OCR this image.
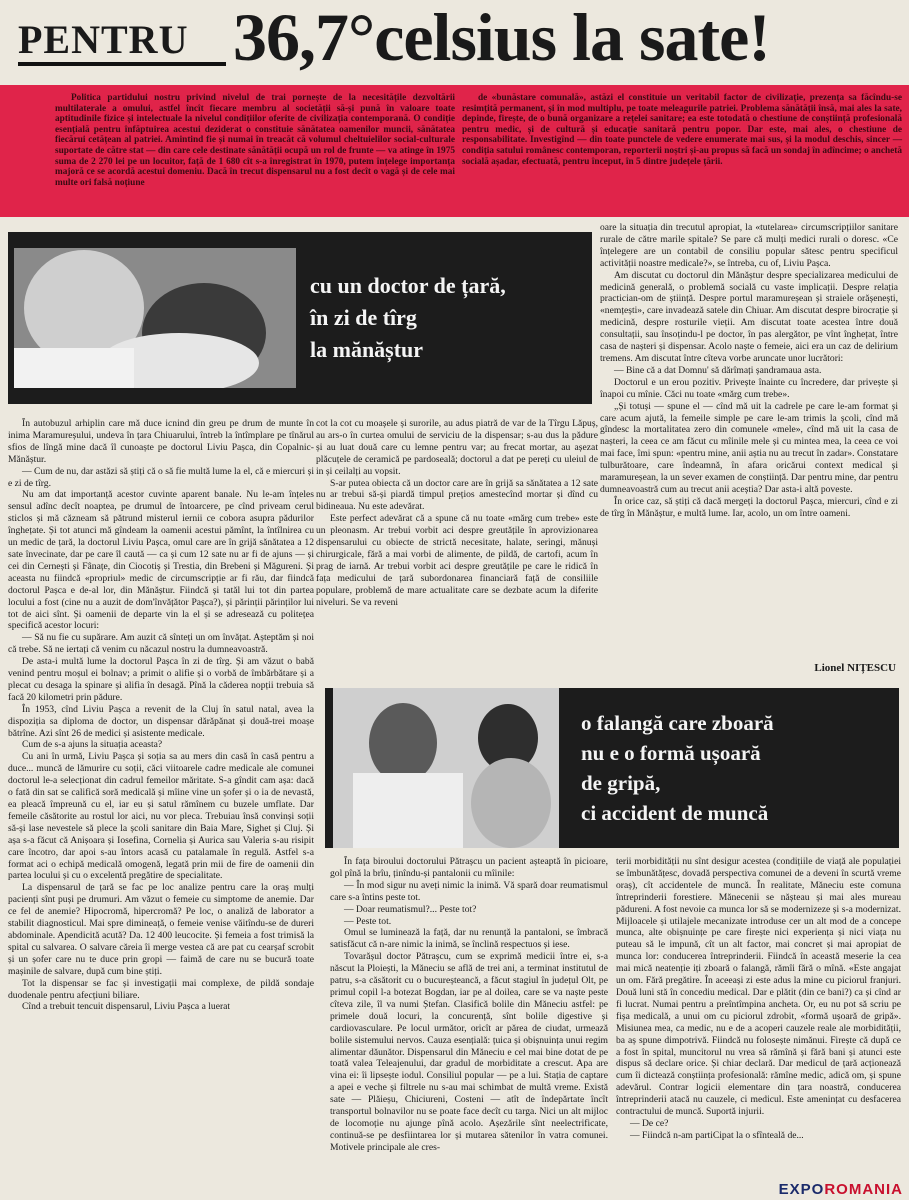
PENTRU 36,7°celsius la sate!

Politica partidului nostru privind nivelul de trai pornește de la necesitățile dezvoltării multilaterale a omului, astfel încît fiecare membru al societății să-și pună în valoare toate aptitudinile fizice și intelectuale la nivelul condițiilor oferite de civilizația contemporană. O condiție esențială pentru înfăptuirea acestui deziderat o constituie sănătatea oamenilor muncii, sănătatea fiecărui cetățean al patriei. Amintind fie și numai în treacăt că volumul cheltuielilor social-culturale suportate de către stat — din care cele destinate sănătății ocupă un rol de frunte — va atinge în 1975 suma de 2 270 lei pe un locuitor, față de 1 680 cît s-a înregistrat în 1970, putem înțelege importanța majoră ce se acordă acestui domeniu. Dacă în trecut dispensarul nu a fost decît o vagă și de cele mai multe ori falsă noțiune

de «bunăstare comunală», astăzi el constituie un veritabil factor de civilizație, prezența sa făcîndu-se resimțită permanent, și în mod multiplu, pe toate meleagurile patriei. Problema sănătății însă, mai ales la sate, depinde, firește, de o bună organizare a rețelei sanitare; ea este totodată o chestiune de conștiință profesională pentru medic, și de cultură și educație sanitară pentru popor. Dar este, mai ales, o chestiune de responsabilitate. Investigînd — din toate punctele de vedere enumerate mai sus, și la modul deschis, sincer — condiția satului românesc contemporan, reporterii noștri și-au propus să facă un sondaj în adîncime; o anchetă socială așadar, efectuată, pentru început, în 5 dintre județele țării.

cu un doctor de țară,
în zi de tîrg
la mănăștur

oare la situația din trecutul apropiat, la «tutelarea» circumscripțiilor sanitare rurale de către marile spitale? Se pare că mulți medici rurali o doresc. «Ce înțelegere are un contabil de consiliu popular sătesc pentru specificul activității noastre medicale?», se întreba, cu of, Liviu Pașca.

Am discutat cu doctorul din Mănăștur despre specializarea medicului de medicină generală, o problemă socială cu vaste implicații. Despre relația practician-om de știință. Despre portul maramureșean și straiele orășenești, «nemțești», care invadează satele din Chiuar. Am discutat despre birocrație și medicină, despre rosturile vieții. Am discutat toate acestea între două consultații, sau însoțindu-l pe doctor, în pas alergător, pe vînt înghețat, între casa de nașteri și dispensar. Acolo naște o femeie, aici era un caz de delirium tremens. Am discutat între cîteva vorbe aruncate unor lucrători:

— Bine că a dat Domnu' să dărîmați șandramaua asta.

Doctorul e un erou pozitiv. Privește înainte cu încredere, dar privește și înapoi cu mînie. Căci nu toate «mărg cum trebe».

„Și totuși — spune el — cînd mă uit la cadrele pe care le-am format și care acum ajută, la femeile simple pe care le-am trimis la școli, cînd mă gîndesc la mortalitatea zero din comunele «mele», cînd mă uit la casa de nașteri, la ceea ce am făcut cu mîinile mele și cu mintea mea, la ceea ce voi mai face, îmi spun: «pentru mine, anii aștia nu au trecut în zadar». Constatare tulburătoare, care îndeamnă, în afara oricărui context medical și maramureșean, la un sever examen de conștiință. Dar pentru mine, dar pentru dumneavoastră cum au trecut anii aceștia? Dar asta-i altă poveste.

În orice caz, să știți că dacă mergeți la doctorul Pașca, miercuri, cînd e zi de tîrg în Mănăștur, e multă lume. Iar, acolo, un om între oameni.

Lionel NIȚESCU

În autobuzul arhiplin care mă duce icnind din greu pe drum de munte în inima Maramureșului, undeva în țara Chiuarului, întreb la întîmplare pe tînărul sfios de lîngă mine dacă îl cunoaște pe doctorul Liviu Pașca, din Copalnic-Mănăștur.

— Cum de nu, dar astăzi să știți că o să fie multă lume la el, că e miercuri și e zi de tîrg.

Nu am dat importanță acestor cuvinte aparent banale. Nu le-am înțeles sensul adînc decît noaptea, pe drumul de întoarcere, pe cînd priveam cerul sticlos și mă căzneam să pătrund misterul iernii ce cobora asupra pădurilor înghețate. Și tot atunci mă gîndeam la oamenii acestui pămînt, la întîlnirea cu un medic de țară, la doctorul Liviu Pașca, omul care are în grijă sănătatea a 12 sate învecinate, dar pe care îl caută — ca și cum 12 sate nu ar fi de ajuns — și cei din Cernești și Fânațe, din Ciocotiș și Trestia, din Brebeni și Măgureni. Și aceasta nu fiindcă «propriul» medic de circumscripție ar fi rău, dar fiindcă doctorul Pașca e de-al lor, din Mănăștur. Fiindcă și tatăl lui tot din partea locului a fost (cine nu a auzit de dom'învățător Pașca?), și părinții părinților lui tot de aici sînt. Și oamenii de departe vin la el și se adresează cu politețea specifică acestor locuri:

— Să nu fie cu supărare. Am auzit că sînteți un om învățat. Așteptăm și noi că trebe. Să ne iertați că venim cu năcazul nostru la dumneavoastră.

De asta-i multă lume la doctorul Pașca în zi de tîrg. Și am văzut o babă venind pentru moșul ei bolnav; a primit o alifie și o vorbă de îmbărbătare și a plecat cu desaga la spinare și alifia în desagă. Pînă la căderea nopții trebuia să facă 20 kilometri prin pădure.

În 1953, cînd Liviu Pașca a revenit de la Cluj în satul natal, avea la dispoziția sa diploma de doctor, un dispensar dărăpănat și două-trei moașe bătrîne. Azi sînt 26 de medici și asistente medicale.

Cum de s-a ajuns la situația aceasta?

Cu ani în urmă, Liviu Pașca și soția sa au mers din casă în casă pentru a duce... muncă de lămurire cu soții, căci viitoarele cadre medicale ale comunei doctorul le-a selecționat din cadrul femeilor măritate. S-a gîndit cam așa: dacă o fată din sat se califică soră medicală și mîine vine un șofer și o ia de nevastă, ea pleacă împreună cu el, iar eu și satul rămînem cu buzele umflate. Dar femeile căsătorite au rostul lor aici, nu vor pleca. Trebuiau însă convinși soții să-și lase nevestele să plece la școli sanitare din Baia Mare, Sighet și Cluj. Și așa s-a făcut că Anișoara și Iosefina, Cornelia și Aurica sau Valeria s-au risipit care încotro, dar apoi s-au întors acasă cu patalamale în regulă. Astfel s-a format aci o echipă medicală omogenă, legată prin mii de fire de oamenii din partea locului și cu o excelentă pregătire de specialitate.

La dispensarul de țară se fac pe loc analize pentru care la oraș mulți pacienți sînt puși pe drumuri. Am văzut o femeie cu simptome de anemie. Dar ce fel de anemie? Hipocromă, hipercromă? Pe loc, o analiză de laborator a stabilit diagnosticul. Mai spre dimineață, o femeie venise văitîndu-se de dureri abdominale. Apendicită acută? Da. 12 400 leucocite. Și femeia a fost trimisă la spital cu salvarea. O salvare căreia îi merge vestea că are pat cu cearșaf scrobit și un șofer care nu te duce prin gropi — faimă de care nu se bucură toate mașinile de salvare, după cum bine știți.

Tot la dispensar se fac și investigații mai complexe, de pildă sondaje duodenale pentru afecțiuni biliare.

Cînd a trebuit tencuit dispensarul, Liviu Pașca a luerat

cot la cot cu moașele și surorile, au adus piatră de var de la Tîrgu Lăpuș, au ars-o în curtea omului de serviciu de la dispensar; s-au dus la pădure și au luat două care cu lemne pentru var; au frecat mortar, au așezat plăcuțele de ceramică pe pardoseală; doctorul a dat pe pereți cu uleiul de in și ceilalți au vopsit.

S-ar putea obiecta că un doctor care are în grijă sa sănătatea a 12 sate nu ar trebui să-și piardă timpul prețios amestecînd mortar și dînd cu bidineaua. Nu este adevărat.

Este perfect adevărat că a spune că nu toate «mărg cum trebe» este un pleonasm. Ar trebui vorbit aci despre greutățile în aprovizionarea dispensarului cu obiecte de strictă necesitate, halate, seringi, mănuși chirurgicale, fără a mai vorbi de alimente, de pildă, de cartofi, acum în prag de iarnă. Ar trebui vorbit aci despre greutățile pe care le ridică în fața medicului de țară subordonarea financiară față de consiliile populare, problemă de mare actualitate care se dezbate acum la diferite niveluri. Se va reveni

o falangă care zboară
nu e o formă ușoară
de gripă,
ci accident de muncă

În fața biroului doctorului Pătrașcu un pacient așteaptă în picioare, gol pînă la brîu, ținîndu-și pantalonii cu mîinile:

— În mod sigur nu aveți nimic la inimă. Vă spară doar reumatismul care s-a întins peste tot.

— Doar reumatismul?... Peste tot?

— Peste tot.

Omul se luminează la față, dar nu renunță la pantaloni, se îmbracă satisfăcut că n-are nimic la inimă, se înclină respectuos și iese.

Tovarășul doctor Pătrașcu, cum se exprimă medicii între ei, s-a născut la Ploiești, la Măneciu se află de trei ani, a terminat institutul de patru, s-a căsătorit cu o bucureșteancă, a făcut stagiul în județul Olt, pe primul copil l-a botezat Bogdan, iar pe al doilea, care se va naște peste cîteva zile, îl va numi Ștefan. Clasifică bolile din Măneciu astfel: pe primele două locuri, la concurență, sînt bolile digestive și cardiovasculare. Pe locul următor, oricît ar părea de ciudat, urmează bolile sistemului nervos. Cauza esențială: țuica și obișnuința unui regim alimentar dăunător. Dispensarul din Măneciu e cel mai bine dotat de pe toată valea Teleajenului, dar gradul de morbiditate a crescut. Apa are vina ei: îi lipsește iodul. Consiliul popular — pe a lui. Stația de captare a apei e veche și filtrele nu s-au mai schimbat de multă vreme. Există sate — Plăieșu, Chiciureni, Costeni — atît de îndepărtate încît transportul bolnavilor nu se poate face decît cu targa. Nici un alt mijloc de locomoție nu ajunge pînă acolo. Așezările sînt neelectrificate, continuă-se pe desfiintarea lor și mutarea sătenilor în vatra comunei. Motivele principale ale cres-

terii morbidității nu sînt desigur acestea (condițiile de viață ale populației se îmbunătățesc, dovadă perspectiva comunei de a deveni în scurtă vreme oraș), cît accidentele de muncă. În realitate, Măneciu este comuna întreprinderii forestiere. Mănecenii se nășteau și mai ales mureau pădureni. A fost nevoie ca munca lor să se modernizeze și s-a modernizat. Mijloacele și utilajele mecanizate introduse cer un alt mod de a concepe munca, alte obișnuințe pe care firește nici experiența și nici viața nu puteau să le impună, cît un alt factor, mai concret și mai apropiat de munca lor: conducerea întreprinderii. Fiindcă în această meserie la cea mai mică neatenție iți zboară o falangă, rămîi fără o mînă. «Este angajat un om. Fără pregătire. În aceeași zi este adus la mine cu piciorul franjuri. Două luni stă în concediu medical. Dar e plătit (din ce bani?) ca și cînd ar fi lucrat. Numai pentru a preîntîmpina ancheta. Or, eu nu pot să scriu pe fișa medicală, a unui om cu piciorul zdrobit, «formă ușoară de gripă». Misiunea mea, ca medic, nu e de a acoperi cauzele reale ale morbidității, ba aș spune dimpotrivă. Fiindcă nu folosește nimănui. Firește că după ce a fost în spital, muncitorul nu vrea să rămînă și fără bani și atunci este dispus să declare orice. Și chiar declară. Dar medicul de țară acționează cum îi dictează conștiința profesională: rămîne medic, adică om, și spune adevărul. Contrar logicii elementare din țara noastră, conducerea întreprinderii atacă nu cauzele, ci medicul. Este amenințat cu desfacerea contractului de muncă. Suportă injurii.

— De ce?

— Fiindcă n-am partiCipat la o sfînteală de...

EXPOROMANIA
